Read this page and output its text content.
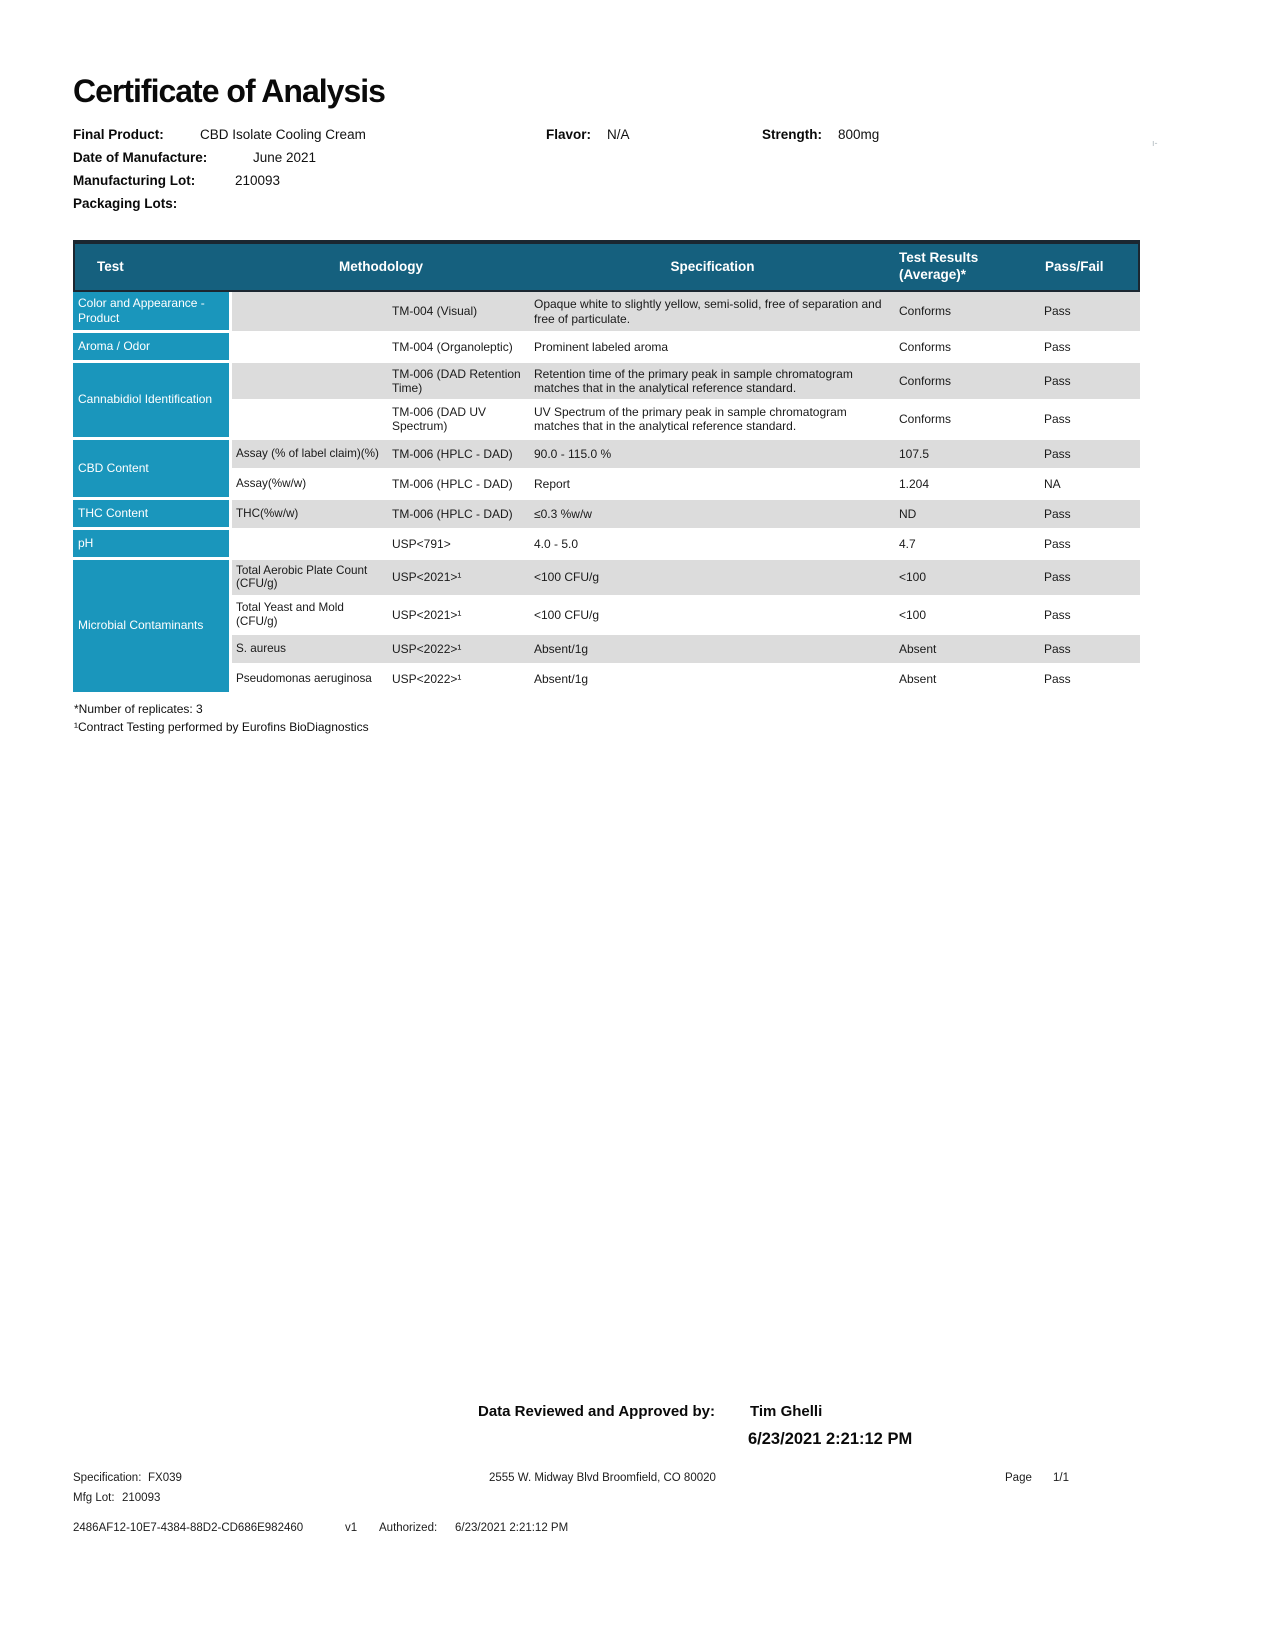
Certificate of Analysis
ı-
Final Product:	CBD Isolate Cooling Cream	Flavor: N/A	Strength: 800mg
Date of Manufacture:	June 2021
Manufacturing Lot:	210093
Packaging Lots:
Test	Methodology		Specification	Test Results (Average)*	Pass/Fail
Color and Appearance - Product		TM-004 (Visual)	Opaque white to slightly yellow, semi-solid, free of separation and free of particulate.	Conforms	Pass
Aroma / Odor		TM-004 (Organoleptic)	Prominent labeled aroma	Conforms	Pass
Cannabidiol Identification		TM-006 (DAD Retention Time)	Retention time of the primary peak in sample chromatogram matches that in the analytical reference standard.	Conforms	Pass
		TM-006 (DAD UV Spectrum)	UV Spectrum of the primary peak in sample chromatogram matches that in the analytical reference standard.	Conforms	Pass
CBD Content	Assay (% of label claim)(%)	TM-006 (HPLC - DAD)	90.0 - 115.0 %	107.5	Pass
	Assay(%w/w)	TM-006 (HPLC - DAD)	Report	1.204	NA
THC Content	THC(%w/w)	TM-006 (HPLC - DAD)	≤0.3 %w/w	ND	Pass
pH		USP<791>	4.0 - 5.0	4.7	Pass
Microbial Contaminants	Total Aerobic Plate Count (CFU/g)	USP<2021>¹	<100 CFU/g	<100	Pass
	Total Yeast and Mold (CFU/g)	USP<2021>¹	<100 CFU/g	<100	Pass
	S. aureus	USP<2022>¹	Absent/1g	Absent	Pass
	Pseudomonas aeruginosa	USP<2022>¹	Absent/1g	Absent	Pass
*Number of replicates: 3
¹Contract Testing performed by Eurofins BioDiagnostics
Data Reviewed and Approved by: Tim Ghelli
6/23/2021 2:21:12 PM
Specification: FX039	2555 W. Midway Blvd Broomfield, CO 80020	Page 1/1
Mfg Lot: 210093
2486AF12-10E7-4384-88D2-CD686E982460	v1 Authorized: 6/23/2021 2:21:12 PM
